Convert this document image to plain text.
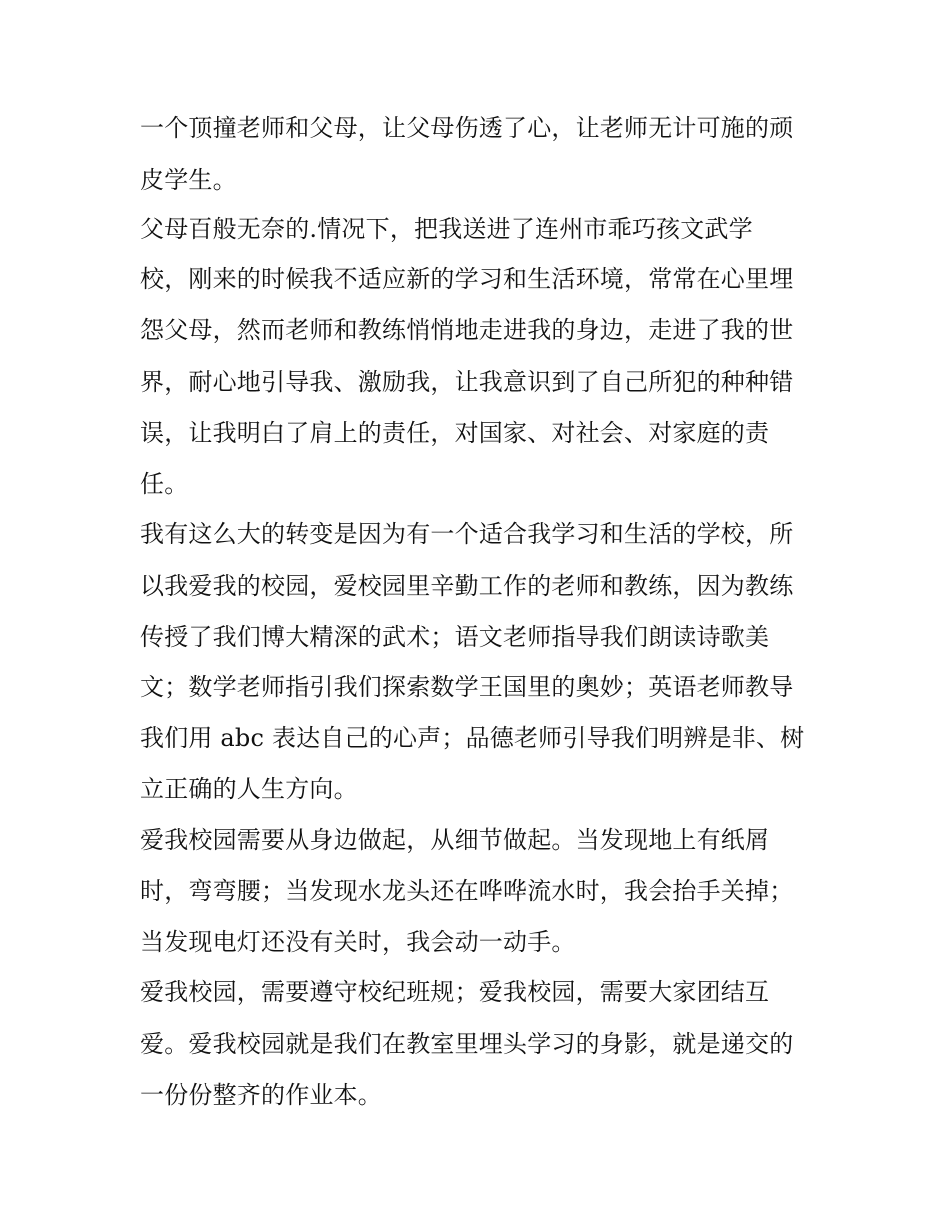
一个顶撞老师和父母，让父母伤透了心，让老师无计可施的顽
皮学生。
父母百般无奈的.情况下，把我送进了连州市乖巧孩文武学
校，刚来的时候我不适应新的学习和生活环境，常常在心里埋
怨父母，然而老师和教练悄悄地走进我的身边，走进了我的世
界，耐心地引导我、激励我，让我意识到了自己所犯的种种错
误，让我明白了肩上的责任，对国家、对社会、对家庭的责
任。
我有这么大的转变是因为有一个适合我学习和生活的学校，所
以我爱我的校园，爱校园里辛勤工作的老师和教练，因为教练
传授了我们博大精深的武术；语文老师指导我们朗读诗歌美
文；数学老师指引我们探索数学王国里的奥妙；英语老师教导
我们用 abc 表达自己的心声；品德老师引导我们明辨是非、树
立正确的人生方向。
爱我校园需要从身边做起，从细节做起。当发现地上有纸屑
时，弯弯腰；当发现水龙头还在哗哗流水时，我会抬手关掉；
当发现电灯还没有关时，我会动一动手。
爱我校园，需要遵守校纪班规；爱我校园，需要大家团结互
爱。爱我校园就是我们在教室里埋头学习的身影，就是递交的
一份份整齐的作业本。
